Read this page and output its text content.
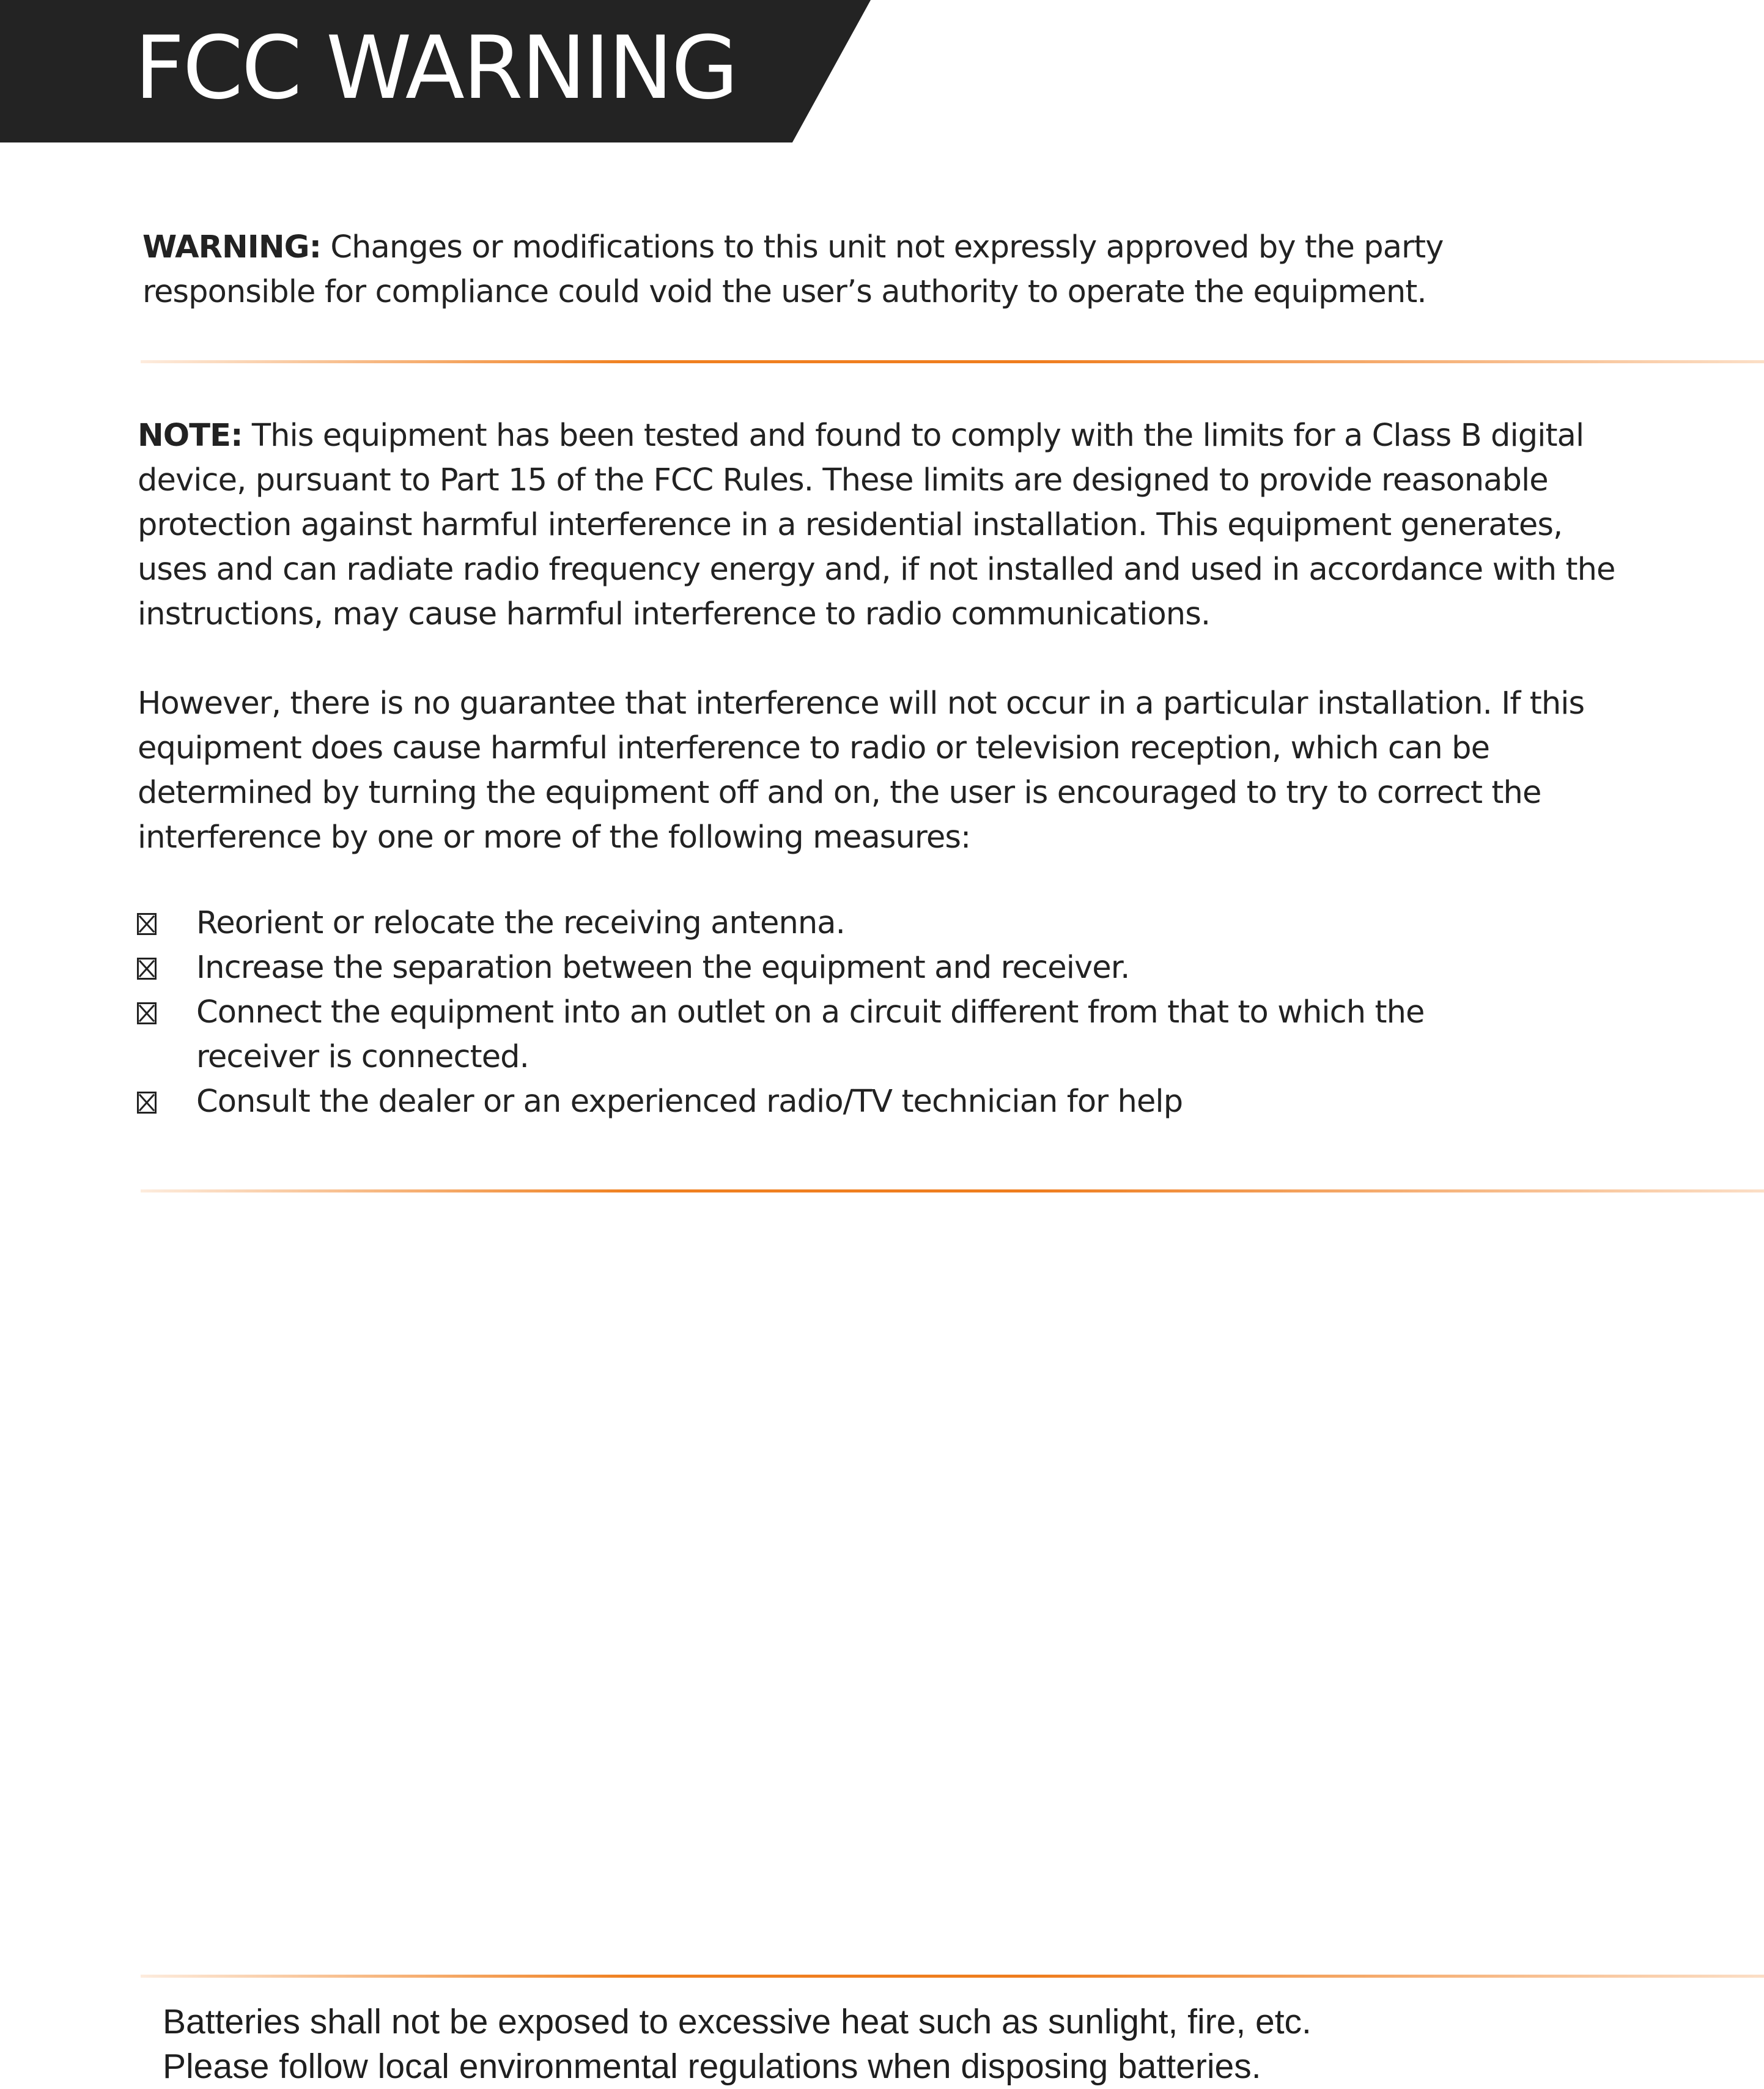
FCC WARNING
WARNING: Changes or modifications to this unit not expressly approved by the party
responsible for compliance could void the user’s authority to operate the equipment.
NOTE: This equipment has been tested and found to comply with the limits for a Class B digital
device, pursuant to Part 15 of the FCC Rules. These limits are designed to provide reasonable
protection against harmful interference in a residential installation. This equipment generates,
uses and can radiate radio frequency energy and, if not installed and used in accordance with the
instructions, may cause harmful interference to radio communications.
However, there is no guarantee that interference will not occur in a particular installation. If this
equipment does cause harmful interference to radio or television reception, which can be
determined by turning the equipment off and on, the user is encouraged to try to correct the
interference by one or more of the following measures:
Reorient or relocate the receiving antenna.
Increase the separation between the equipment and receiver.
Connect the equipment into an outlet on a circuit different from that to which the
receiver is connected.
Consult the dealer or an experienced radio/TV technician for help
Batteries shall not be exposed to excessive heat such as sunlight, fire, etc.
Please follow local environmental regulations when disposing batteries.
